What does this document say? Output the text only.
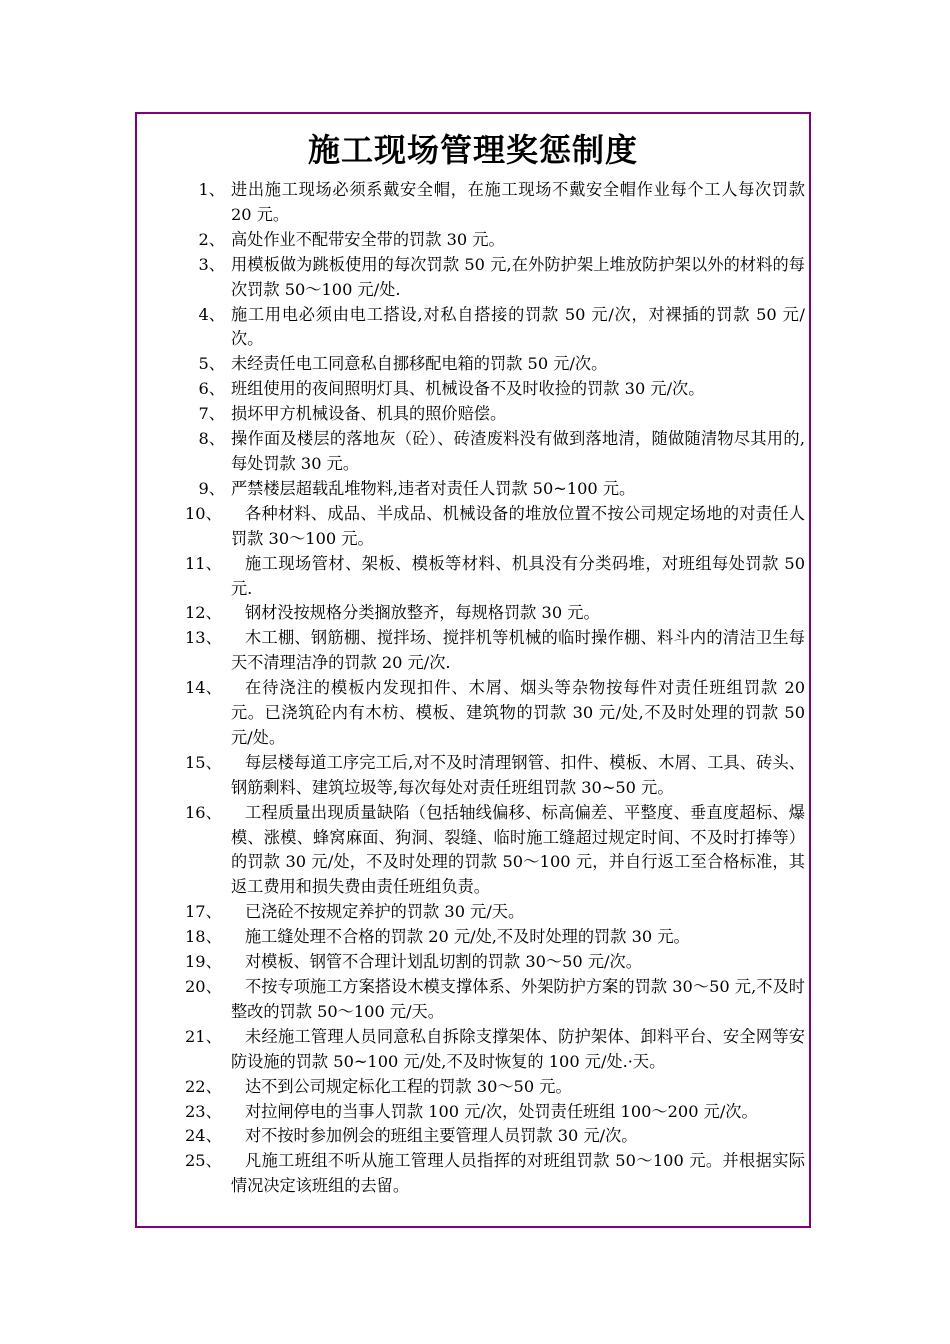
施工现场管理奖惩制度
1、 进出施工现场必须系戴安全帽，在施工现场不戴安全帽作业每个工人每次罚款 20 元。
2、 高处作业不配带安全带的罚款 30 元。
3、 用模板做为跳板使用的每次罚款 50 元,在外防护架上堆放防护架以外的材料的每次罚款 50～100 元/处.
4、 施工用电必须由电工搭设,对私自搭接的罚款 50 元/次，对裸插的罚款 50 元/次。
5、 未经责任电工同意私自挪移配电箱的罚款 50 元/次。
6、 班组使用的夜间照明灯具、机械设备不及时收捡的罚款 30 元/次。
7、 损坏甲方机械设备、机具的照价赔偿。
8、 操作面及楼层的落地灰（砼）、砖渣废料没有做到落地清，随做随清物尽其用的,每处罚款 30 元。
9、 严禁楼层超载乱堆物料,违者对责任人罚款 50~100 元。
10、	各种材料、成品、半成品、机械设备的堆放位置不按公司规定场地的对责任人罚款 30～100 元。
11、	施工现场管材、架板、模板等材料、机具没有分类码堆，对班组每处罚款 50 元.
12、	钢材没按规格分类搁放整齐，每规格罚款 30 元。
13、	木工棚、钢筋棚、搅拌场、搅拌机等机械的临时操作棚、料斗内的清洁卫生每天不清理洁净的罚款 20 元/次.
14、	在待浇注的模板内发现扣件、木屑、烟头等杂物按每件对责任班组罚款 20 元。已浇筑砼内有木枋、模板、建筑物的罚款 30 元/处,不及时处理的罚款 50 元/处。
15、	每层楼每道工序完工后,对不及时清理钢管、扣件、模板、木屑、工具、砖头、钢筋剩料、建筑垃圾等,每次每处对责任班组罚款 30~50 元。
16、	工程质量出现质量缺陷（包括轴线偏移、标高偏差、平整度、垂直度超标、爆模、涨模、蜂窝麻面、狗洞、裂缝、临时施工缝超过规定时间、不及时打捧等）的罚款 30 元/处，不及时处理的罚款 50～100 元，并自行返工至合格标准，其返工费用和损失费由责任班组负责。
17、	已浇砼不按规定养护的罚款 30 元/天。
18、	施工缝处理不合格的罚款 20 元/处,不及时处理的罚款 30 元。
19、	对模板、钢管不合理计划乱切割的罚款 30～50 元/次。
20、	不按专项施工方案搭设木模支撑体系、外架防护方案的罚款 30～50 元,不及时整改的罚款 50～100 元/天。
21、	未经施工管理人员同意私自拆除支撑架体、防护架体、卸料平台、安全网等安防设施的罚款 50~100 元/处,不及时恢复的 100 元/处.·天。
22、	达不到公司规定标化工程的罚款 30～50 元。
23、	对拉闸停电的当事人罚款 100 元/次，处罚责任班组 100～200 元/次。
24、	对不按时参加例会的班组主要管理人员罚款 30 元/次。
25、	凡施工班组不听从施工管理人员指挥的对班组罚款 50～100 元。并根据实际情况决定该班组的去留。
